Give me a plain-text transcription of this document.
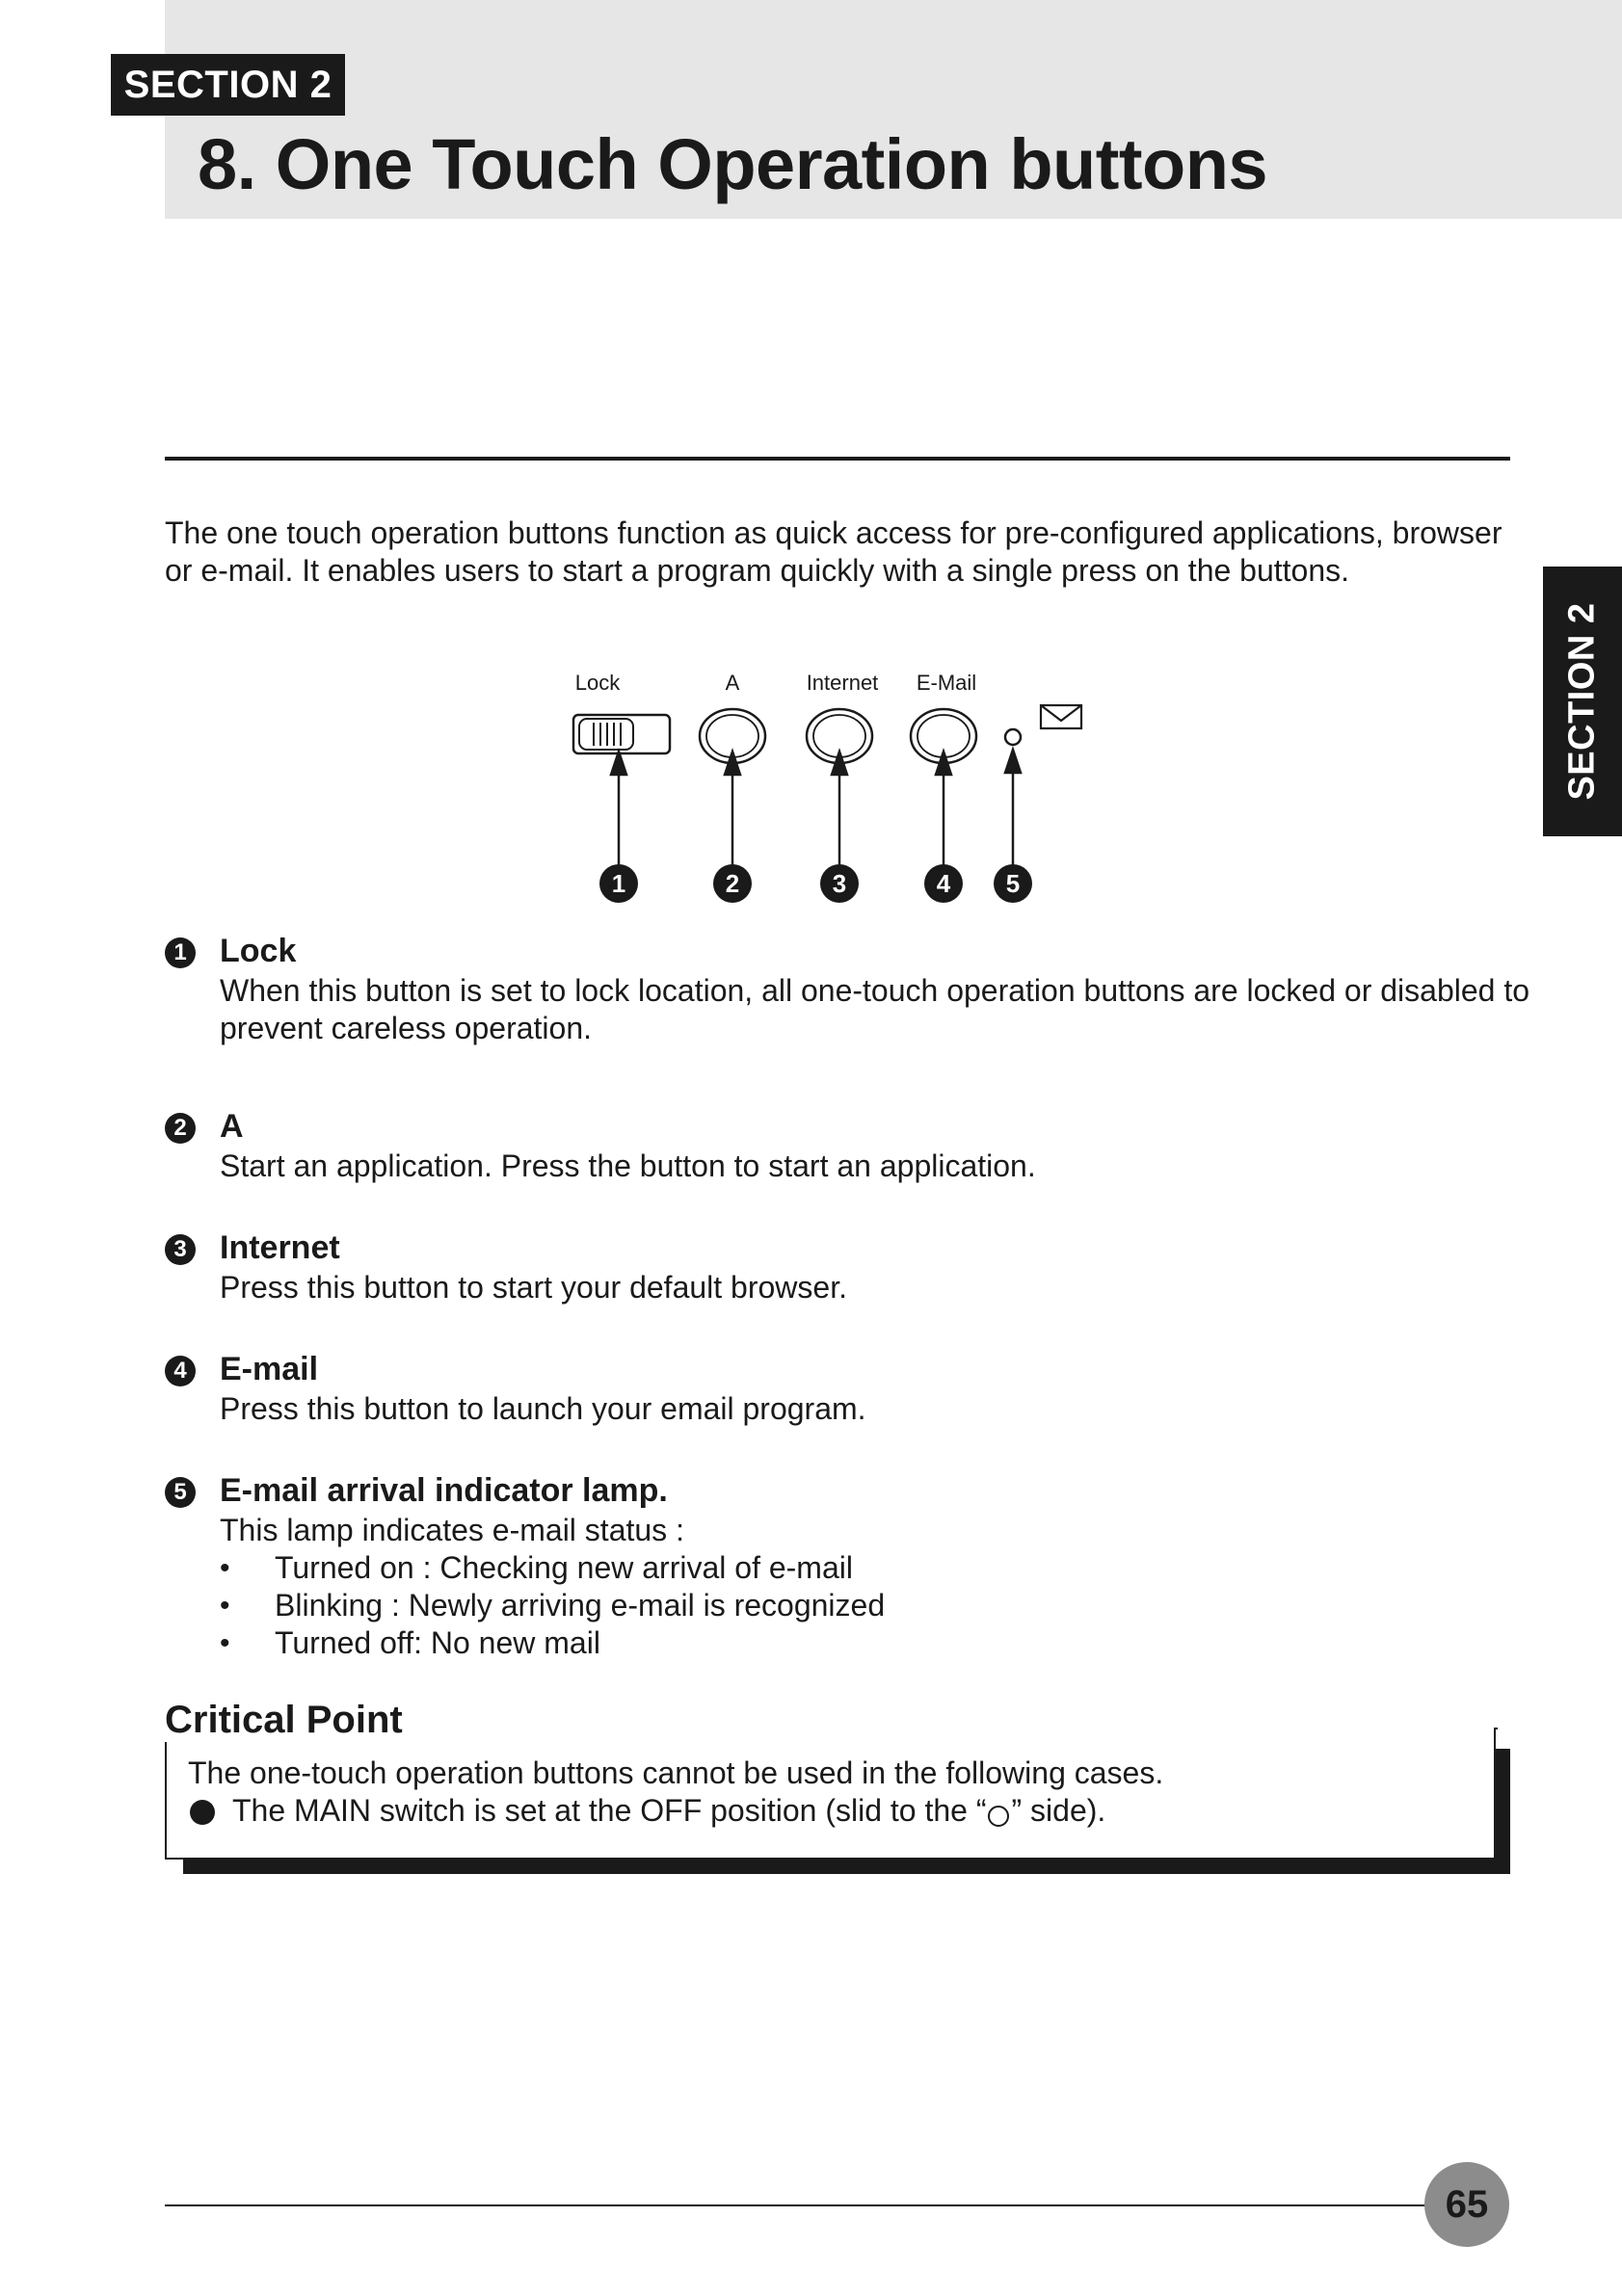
SECTION 2
8. One Touch Operation buttons

The one touch operation buttons function as quick access for pre-configured applications, browser or e-mail. It enables users to start a program quickly with a single press on the buttons.

SECTION 2
Lock	A	Internet E-Mail
1	2	3	4 5
1 Lock

When this button is set to lock location, all one-touch operation buttons are locked or disabled to prevent careless operation.

2 A

Start an application. Press the button to start an application.

3 Internet

Press this button to start your default browser.

4 E-mail

Press this button to launch your email program.

5 E-mail arrival indicator lamp.

This lamp indicates e-mail status :

• Turned on : Checking new arrival of e-mail
• Blinking : Newly arriving e-mail is recognized
• Turned off: No new mail
Critical Point

The one-touch operation buttons cannot be used in the following cases.

The MAIN switch is set at the OFF position (slid to the “ ” side).

65
